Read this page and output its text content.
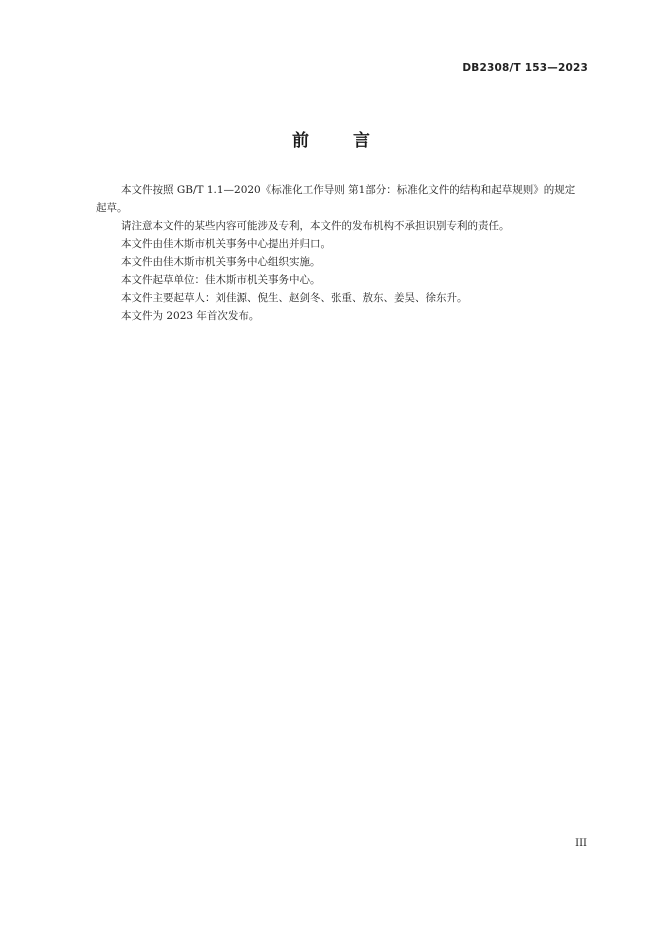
DB2308/T 153—2023
前言

本文件按照 GB/T 1.1—2020《标准化工作导则 第1部分：标准化文件的结构和起草规则》的规定起草。

请注意本文件的某些内容可能涉及专利，本文件的发布机构不承担识别专利的责任。

本文件由佳木斯市机关事务中心提出并归口。

本文件由佳木斯市机关事务中心组织实施。

本文件起草单位：佳木斯市机关事务中心。

本文件主要起草人：刘佳源、倪生、赵剑冬、张重、敖东、姜昊、徐东升。

本文件为 2023 年首次发布。

III
